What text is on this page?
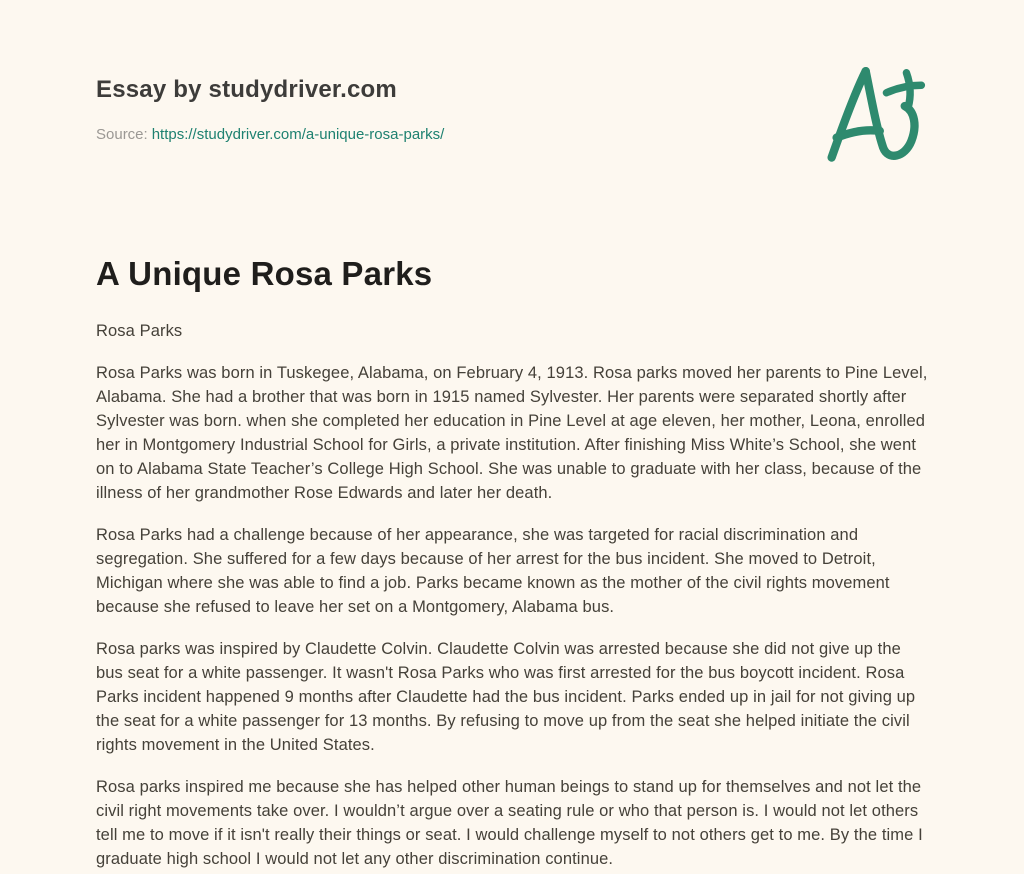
Essay by studydriver.com
Source: https://studydriver.com/a-unique-rosa-parks/
A Unique Rosa Parks

Rosa Parks

Rosa Parks was born in Tuskegee, Alabama, on February 4, 1913. Rosa parks moved her parents to Pine Level, Alabama. She had a brother that was born in 1915 named Sylvester. Her parents were separated shortly after Sylvester was born. when she completed her education in Pine Level at age eleven, her mother, Leona, enrolled her in Montgomery Industrial School for Girls, a private institution. After finishing Miss White’s School, she went on to Alabama State Teacher’s College High School. She was unable to graduate with her class, because of the illness of her grandmother Rose Edwards and later her death.

Rosa Parks had a challenge because of her appearance, she was targeted for racial discrimination and segregation. She suffered for a few days because of her arrest for the bus incident. She moved to Detroit, Michigan where she was able to find a job. Parks became known as the mother of the civil rights movement because she refused to leave her set on a Montgomery, Alabama bus.

Rosa parks was inspired by Claudette Colvin. Claudette Colvin was arrested because she did not give up the bus seat for a white passenger. It wasn't Rosa Parks who was first arrested for the bus boycott incident. Rosa Parks incident happened 9 months after Claudette had the bus incident. Parks ended up in jail for not giving up the seat for a white passenger for 13 months. By refusing to move up from the seat she helped initiate the civil rights movement in the United States.

Rosa parks inspired me because she has helped other human beings to stand up for themselves and not let the civil right movements take over. I wouldn’t argue over a seating rule or who that person is. I would not let others tell me to move if it isn't really their things or seat. I would challenge myself to not others get to me. By the time I graduate high school I would not let any other discrimination continue.
